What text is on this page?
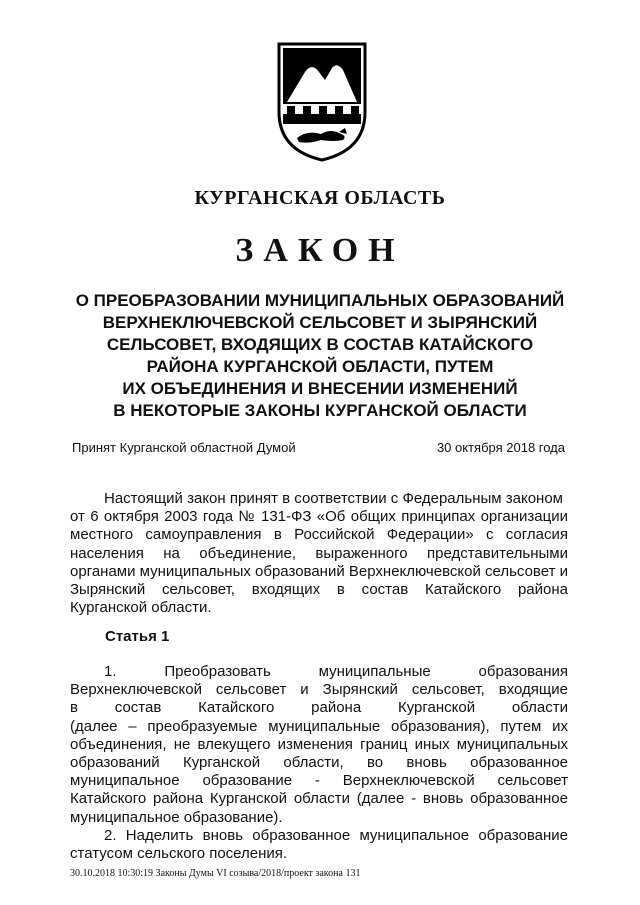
КУРГАНСКАЯ ОБЛАСТЬ
ЗАКОН
О ПРЕОБРАЗОВАНИИ МУНИЦИПАЛЬНЫХ ОБРАЗОВАНИЙ
ВЕРХНЕКЛЮЧЕВСКОЙ СЕЛЬСОВЕТ И ЗЫРЯНСКИЙ
СЕЛЬСОВЕТ, ВХОДЯЩИХ В СОСТАВ КАТАЙСКОГО
РАЙОНА КУРГАНСКОЙ ОБЛАСТИ, ПУТЕМ
ИХ ОБЪЕДИНЕНИЯ И ВНЕСЕНИИ ИЗМЕНЕНИЙ
В НЕКОТОРЫЕ ЗАКОНЫ КУРГАНСКОЙ ОБЛАСТИ
Принят Курганской областной Думой	30 октября 2018 года
Настоящий закон принят в соответствии с Федеральным законом
от 6 октября 2003 года № 131-ФЗ «Об общих принципах организации
местного самоуправления в Российской Федерации» с согласия
населения на объединение, выраженного представительными
органами муниципальных образований Верхнеключевской сельсовет и
Зырянский сельсовет, входящих в состав Катайского района
Курганской области.
Статья 1
1. Преобразовать муниципальные образования
Верхнеключевской сельсовет и Зырянский сельсовет, входящие
в состав Катайского района Курганской области
(далее – преобразуемые муниципальные образования), путем их
объединения, не влекущего изменения границ иных муниципальных
образований Курганской области, во вновь образованное
муниципальное образование - Верхнеключевской сельсовет
Катайского района Курганской области (далее - вновь образованное
муниципальное образование).
2. Наделить вновь образованное муниципальное образование
статусом сельского поселения.
30.10.2018 10:30:19 Законы Думы VI созыва/2018/проект закона 131
